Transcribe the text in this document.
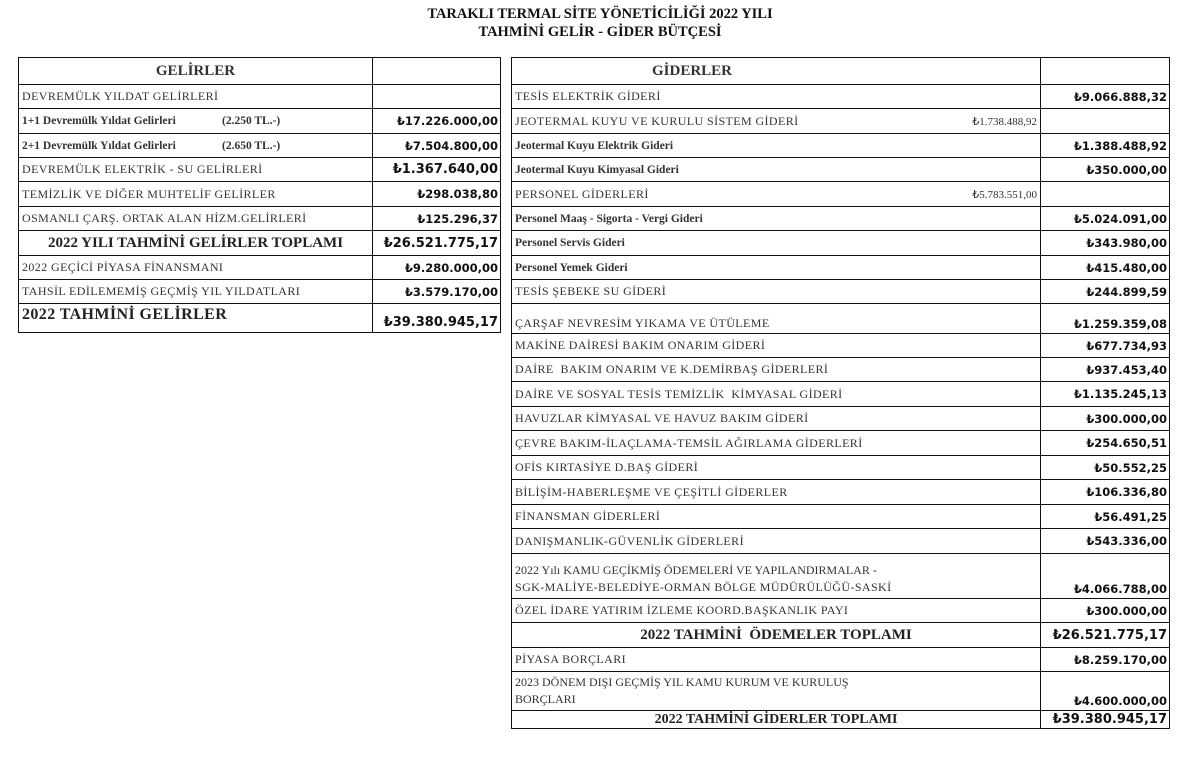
TARAKLI TERMAL SİTE YÖNETİCİLİĞİ 2022 YILI
TAHMİNİ GELİR - GİDER BÜTÇESİ
GELİRLER	
DEVREMÜLK YILDAT GELİRLERİ	
1+1 Devremülk Yıldat Gelirleri (2.250 TL.-)	₺17.226.000,00
2+1 Devremülk Yıldat Gelirleri (2.650 TL.-)	₺7.504.800,00
DEVREMÜLK ELEKTRİK - SU GELİRLERİ	₺1.367.640,00
TEMİZLİK VE DİĞER MUHTELİF GELİRLER	₺298.038,80
OSMANLI ÇARŞ. ORTAK ALAN HİZM.GELİRLERİ	₺125.296,37
2022 YILI TAHMİNİ GELİRLER TOPLAMI	₺26.521.775,17
2022 GEÇİCİ PİYASA FİNANSMANI	₺9.280.000,00
TAHSİL EDİLEMEMİŞ GEÇMİŞ YIL YILDATLARI	₺3.579.170,00
2022 TAHMİNİ GELİRLER	₺39.380.945,17
GİDERLER	
TESİS ELEKTRİK GİDERİ	₺9.066.888,32

JEOTERMAL KUYU VE KURULU SİSTEM GİDERİ ₺1.738.488,92	

Jeotermal Kuyu Elektrik Gideri	₺1.388.488,92
Jeotermal Kuyu Kimyasal Gideri	₺350.000,00

PERSONEL GİDERLERİ ₺5.783.551,00	

Personel Maaş - Sigorta - Vergi Gideri	₺5.024.091,00
Personel Servis Gideri	₺343.980,00
Personel Yemek Gideri	₺415.480,00
TESİS ŞEBEKE SU GİDERİ	₺244.899,59
ÇARŞAF NEVRESİM YIKAMA VE ÜTÜLEME	₺1.259.359,08
MAKİNE DAİRESİ BAKIM ONARIM GİDERİ	₺677.734,93
DAİRE  BAKIM ONARIM VE K.DEMİRBAŞ GİDERLERİ	₺937.453,40
DAİRE VE SOSYAL TESİS TEMİZLİK  KİMYASAL GİDERİ	₺1.135.245,13
HAVUZLAR KİMYASAL VE HAVUZ BAKIM GİDERİ	₺300.000,00
ÇEVRE BAKIM-İLAÇLAMA-TEMSİL AĞIRLAMA GİDERLERİ	₺254.650,51
OFİS KIRTASİYE D.BAŞ GİDERİ	₺50.552,25
BİLİŞİM-HABERLEŞME VE ÇEŞİTLİ GİDERLER	₺106.336,80
FİNANSMAN GİDERLERİ	₺56.491,25
DANIŞMANLIK-GÜVENLİK GİDERLERİ	₺543.336,00

2022 Yılı KAMU GEÇİKMİŞ ÖDEMELERİ VE YAPILANDIRMALAR -
SGK-MALİYE-BELEDİYE-ORMAN BÖLGE MÜDÜRÜLÜĞÜ-SASKİ	₺4.066.788,00
ÖZEL İDARE YATIRIM İZLEME KOORD.BAŞKANLIK PAYI	₺300.000,00
2022 TAHMİNİ  ÖDEMELER TOPLAMI	₺26.521.775,17
PİYASA BORÇLARI	₺8.259.170,00

2023 DÖNEM DIŞI GEÇMİŞ YIL KAMU KURUM VE KURULUŞ
BORÇLARI	₺4.600.000,00
2022 TAHMİNİ GİDERLER TOPLAMI	₺39.380.945,17
